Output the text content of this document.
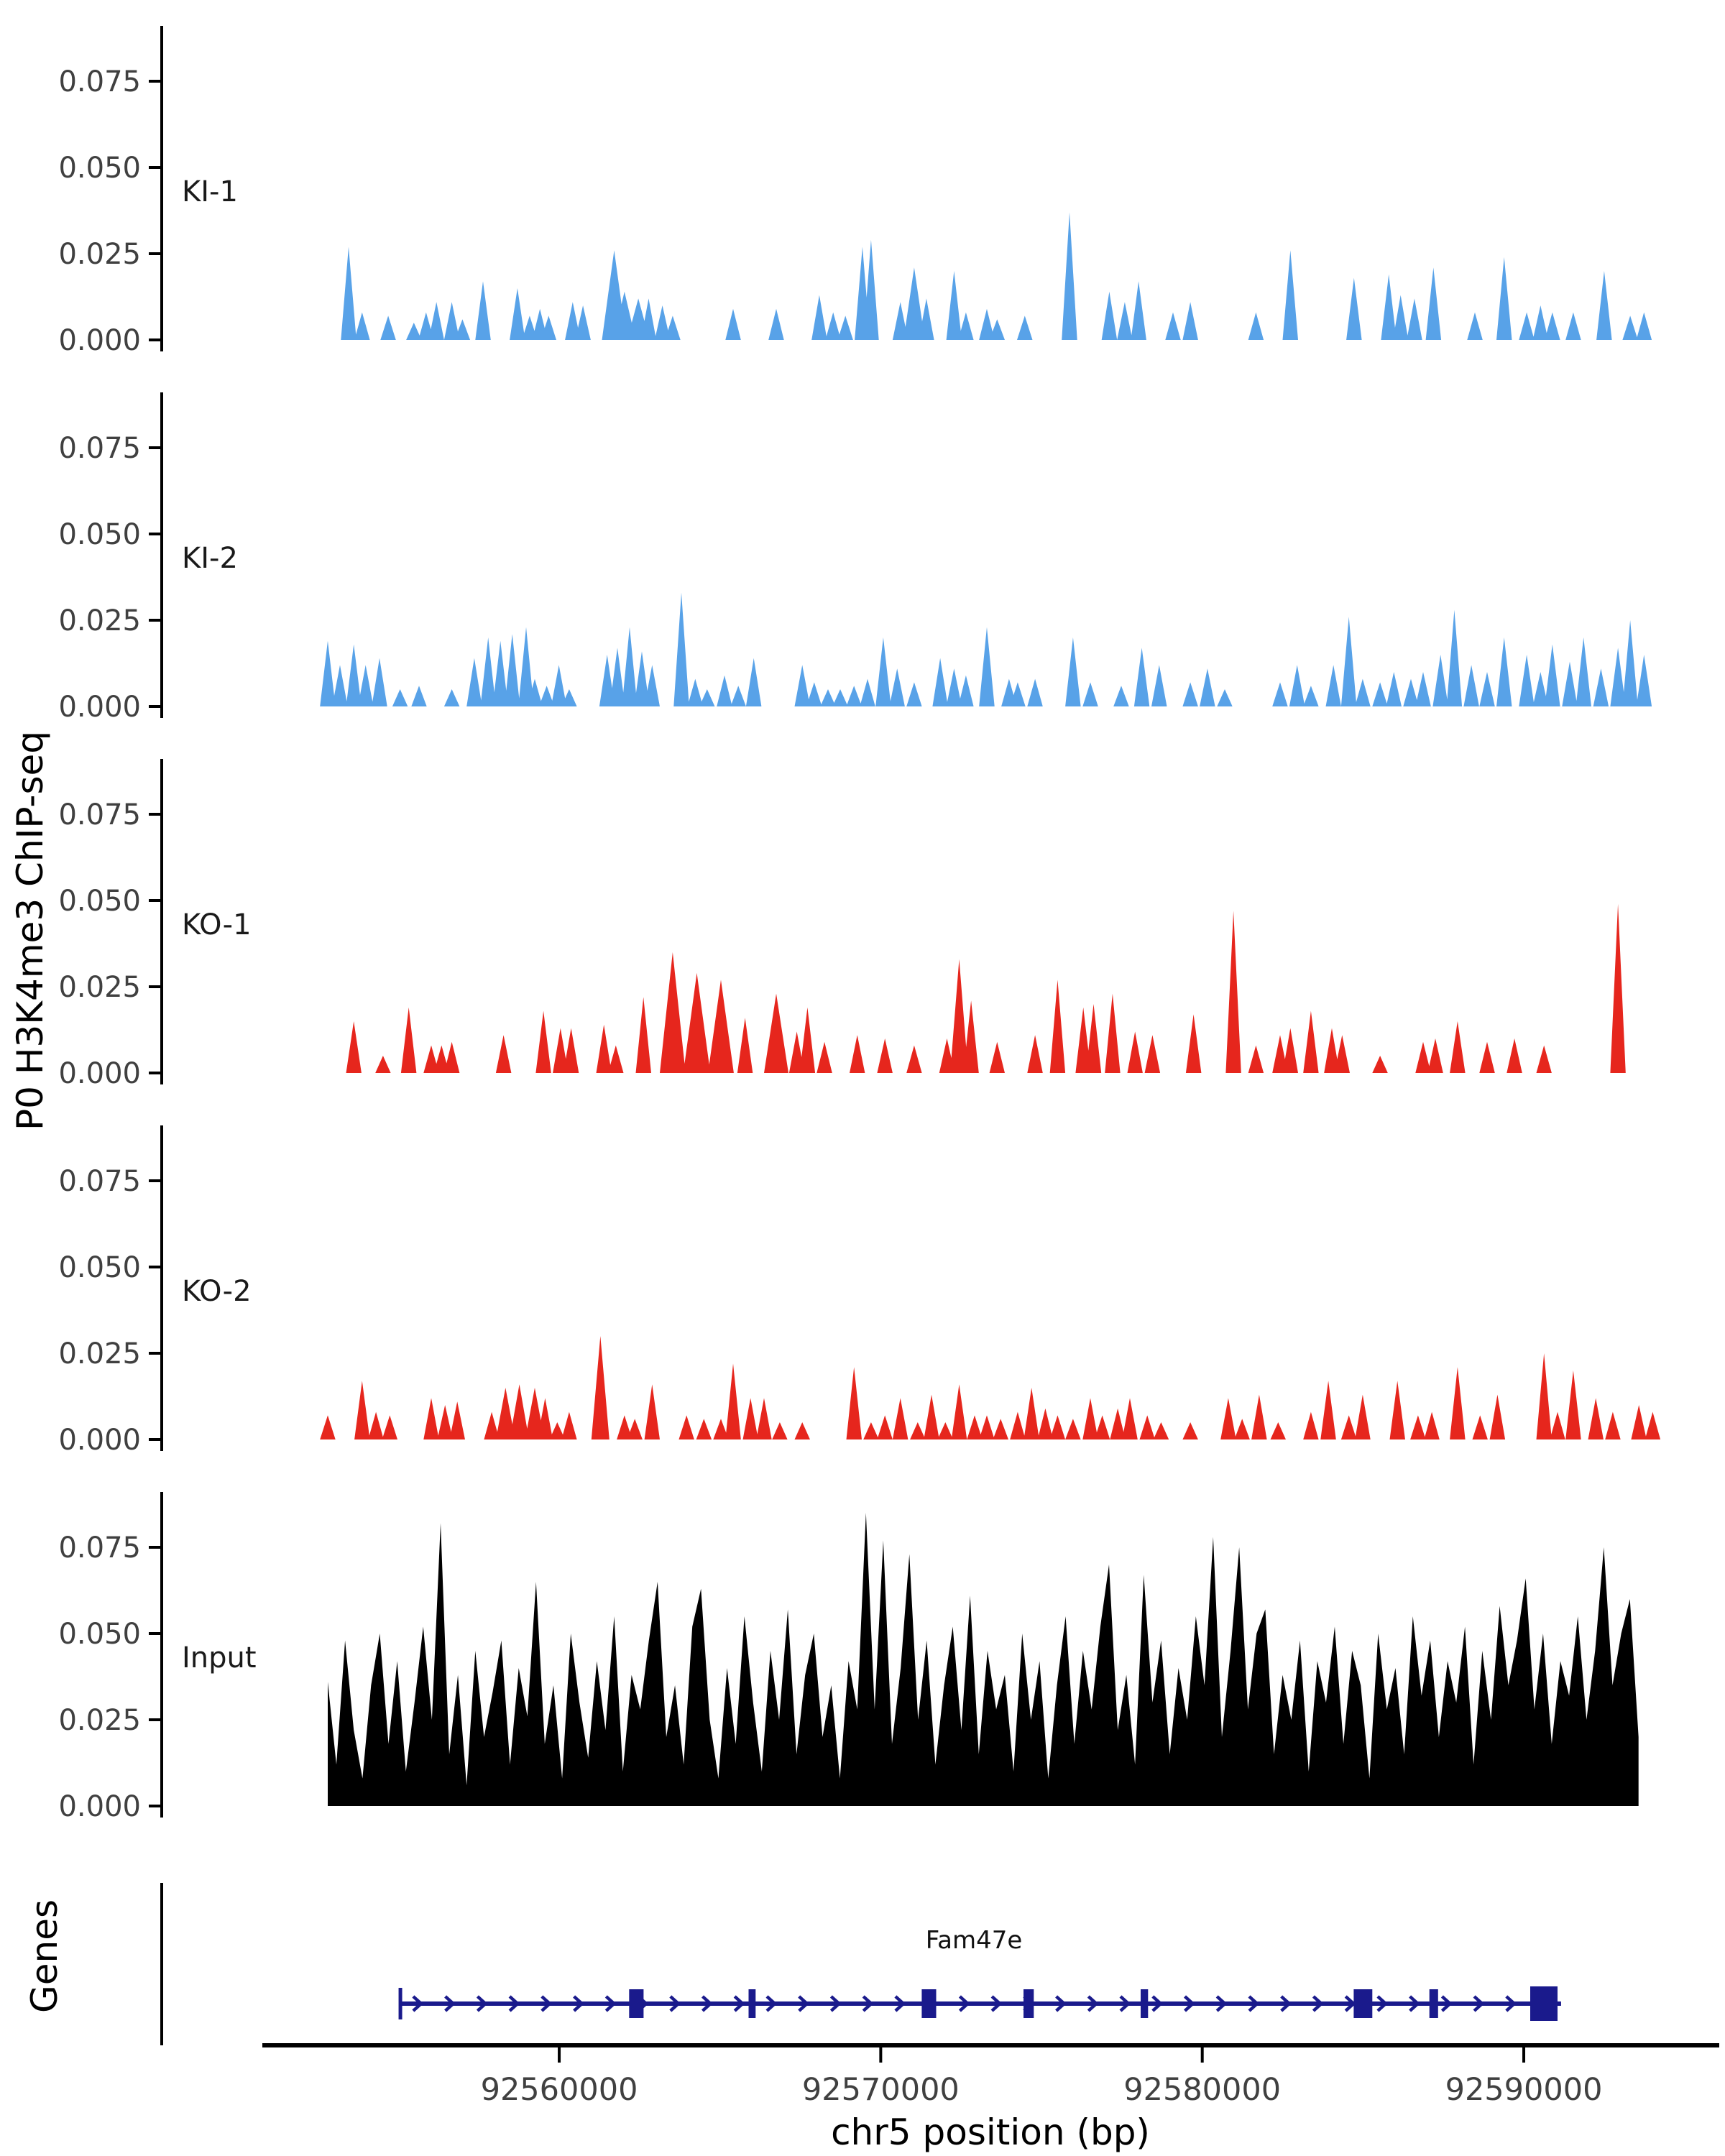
0.000
0.025
0.050
0.075
KI-1
0.000
0.025
0.050
0.075
KI-2
0.000
0.025
0.050
0.075
KO-1
0.000
0.025
0.050
0.075
KO-2
0.000
0.025
0.050
0.075
Input
92560000	92570000	92580000	92590000
P0 H3K4me3 ChIP-seq
Genes
chr5 position (bp)
Fam47e
